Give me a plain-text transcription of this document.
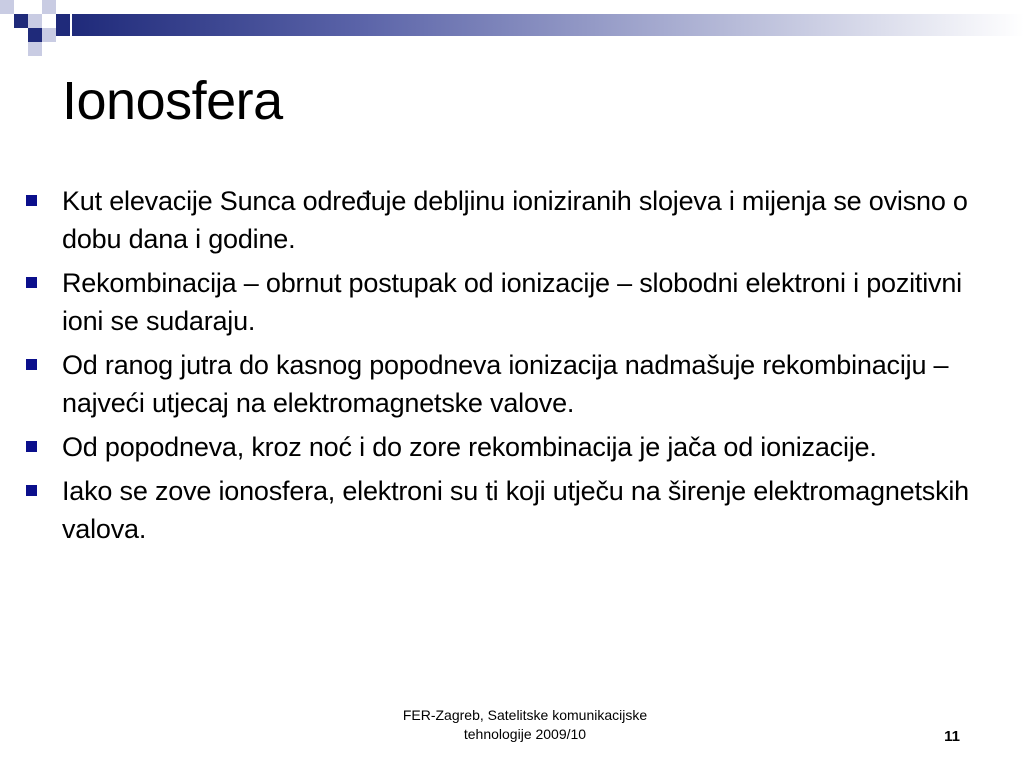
Ionosfera
Kut elevacije Sunca određuje debljinu ioniziranih slojeva i mijenja se ovisno o dobu dana i godine.
Rekombinacija – obrnut postupak od ionizacije – slobodni elektroni i pozitivni ioni se sudaraju.
Od ranog jutra do kasnog popodneva ionizacija nadmašuje rekombinaciju – najveći utjecaj na elektromagnetske valove.
Od popodneva, kroz noć i do zore rekombinacija je jača od ionizacije.
Iako se zove ionosfera, elektroni su ti koji utječu na širenje elektromagnetskih valova.
FER-Zagreb, Satelitske komunikacijske
tehnologije 2009/10	11
